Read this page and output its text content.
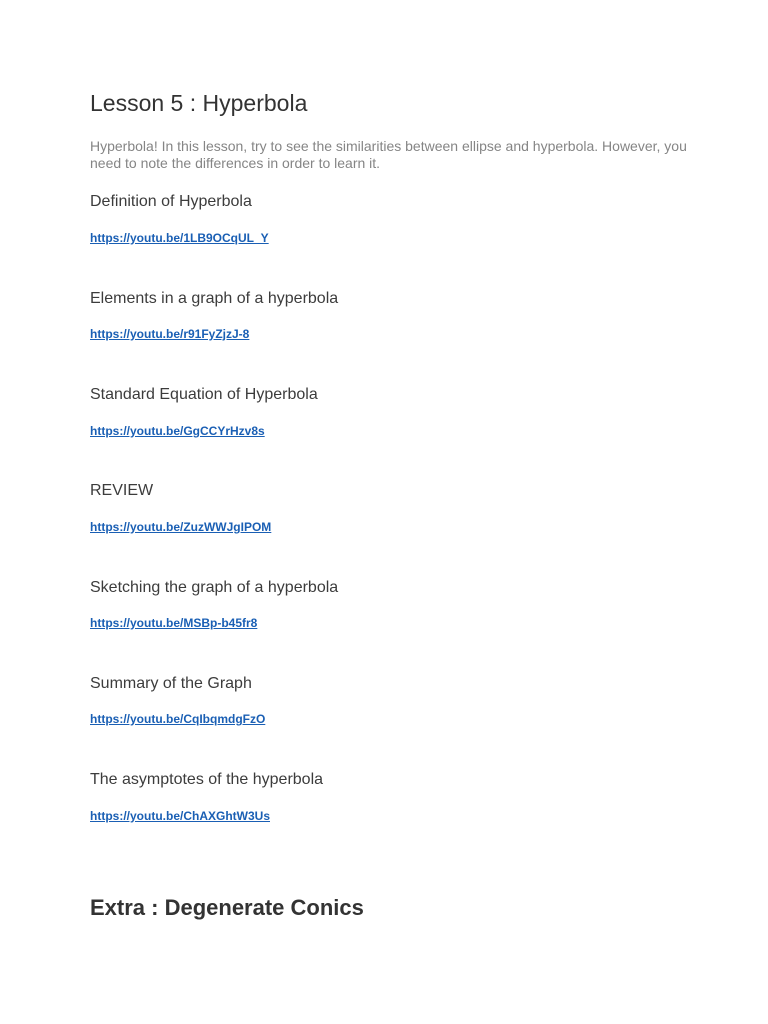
Lesson 5 : Hyperbola

Hyperbola! In this lesson, try to see the similarities between ellipse and hyperbola. However, you need to note the differences in order to learn it.

Definition of Hyperbola
https://youtu.be/1LB9OCqUL_Y
Elements in a graph of a hyperbola
https://youtu.be/r91FyZjzJ-8
Standard Equation of Hyperbola
https://youtu.be/GgCCYrHzv8s
REVIEW
https://youtu.be/ZuzWWJgIPOM
Sketching the graph of a hyperbola
https://youtu.be/MSBp-b45fr8
Summary of the Graph
https://youtu.be/CqIbqmdgFzO
The asymptotes of the hyperbola
https://youtu.be/ChAXGhtW3Us
Extra : Degenerate Conics
